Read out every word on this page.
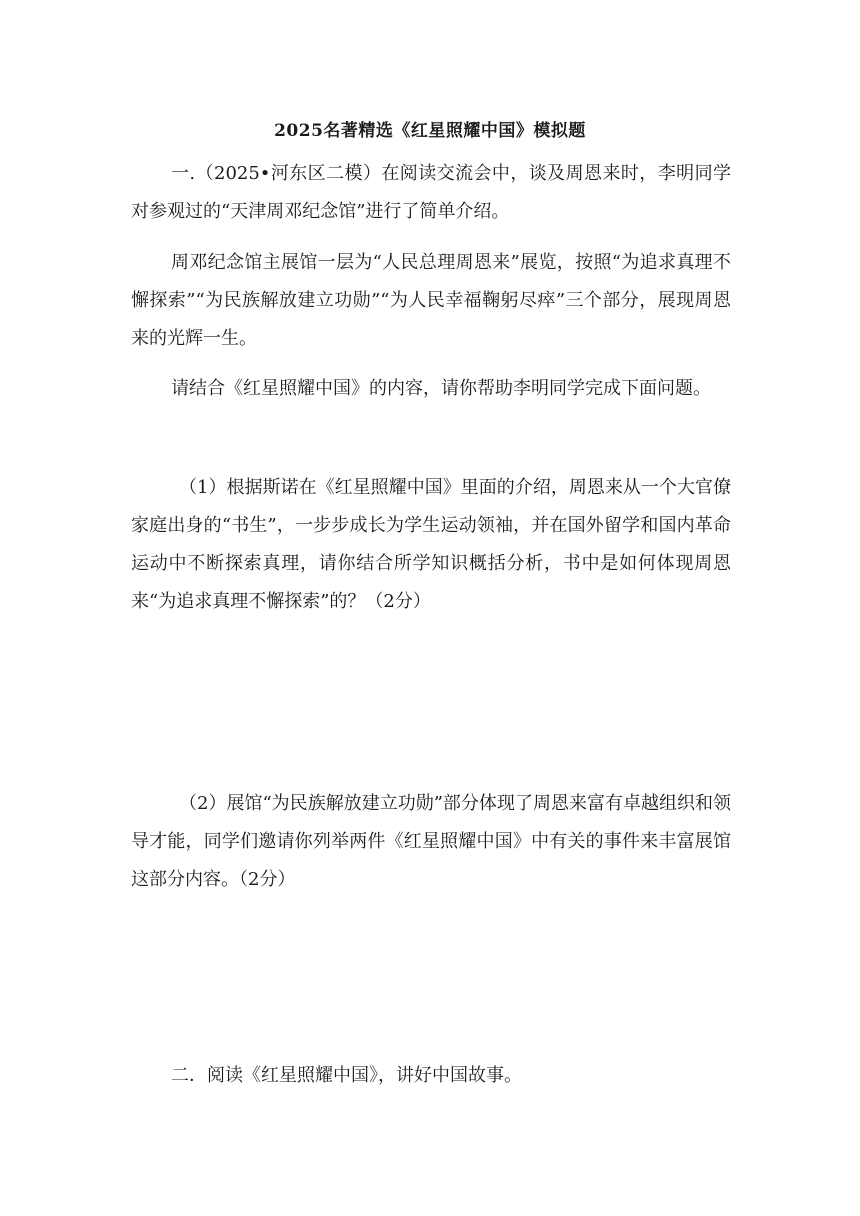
2025名著精选《红星照耀中国》模拟题
一.（2025•河东区二模）在阅读交流会中，谈及周恩来时，李明同学对参观过的“天津周邓纪念馆”进行了简单介绍。
周邓纪念馆主展馆一层为“人民总理周恩来”展览，按照“为追求真理不懈探索”“为民族解放建立功勋”“为人民幸福鞠躬尽瘁”三个部分，展现周恩来的光辉一生。
请结合《红星照耀中国》的内容，请你帮助李明同学完成下面问题。
（1）根据斯诺在《红星照耀中国》里面的介绍，周恩来从一个大官僚家庭出身的“书生”，一步步成长为学生运动领袖，并在国外留学和国内革命运动中不断探索真理，请你结合所学知识概括分析，书中是如何体现周恩来“为追求真理不懈探索”的？（2分）
（2）展馆“为民族解放建立功勋”部分体现了周恩来富有卓越组织和领导才能，同学们邀请你列举两件《红星照耀中国》中有关的事件来丰富展馆这部分内容。（2分）
二．阅读《红星照耀中国》，讲好中国故事。
